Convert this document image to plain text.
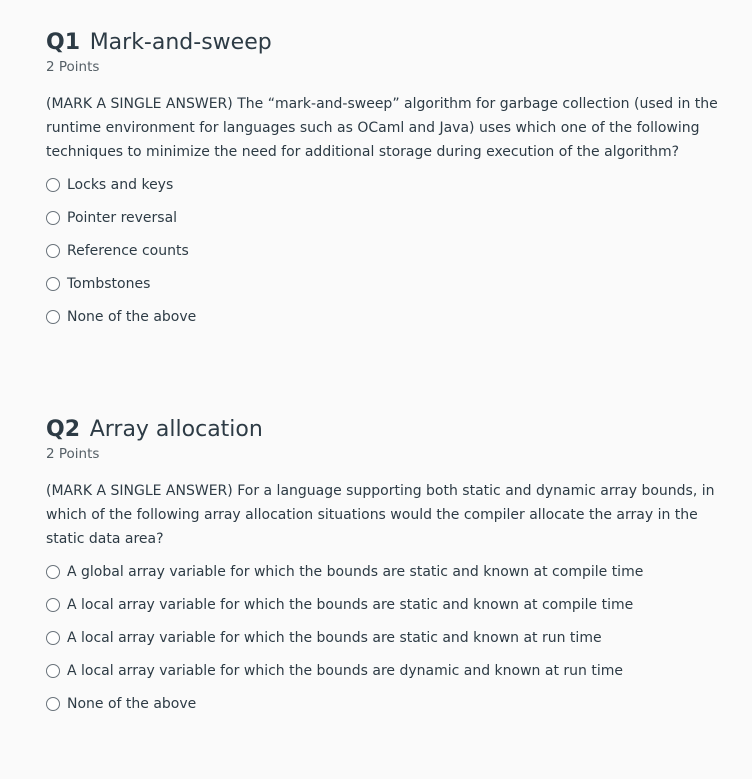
Q1 Mark-and-sweep

2 Points

(MARK A SINGLE ANSWER) The “mark-and-sweep” algorithm for garbage collection (used in the runtime environment for languages such as OCaml and Java) uses which one of the following techniques to minimize the need for additional storage during execution of the algorithm?

Locks and keys
Pointer reversal
Reference counts
Tombstones
None of the above
Q2 Array allocation

2 Points

(MARK A SINGLE ANSWER) For a language supporting both static and dynamic array bounds, in which of the following array allocation situations would the compiler allocate the array in the static data area?

A global array variable for which the bounds are static and known at compile time
A local array variable for which the bounds are static and known at compile time
A local array variable for which the bounds are static and known at run time
A local array variable for which the bounds are dynamic and known at run time
None of the above
